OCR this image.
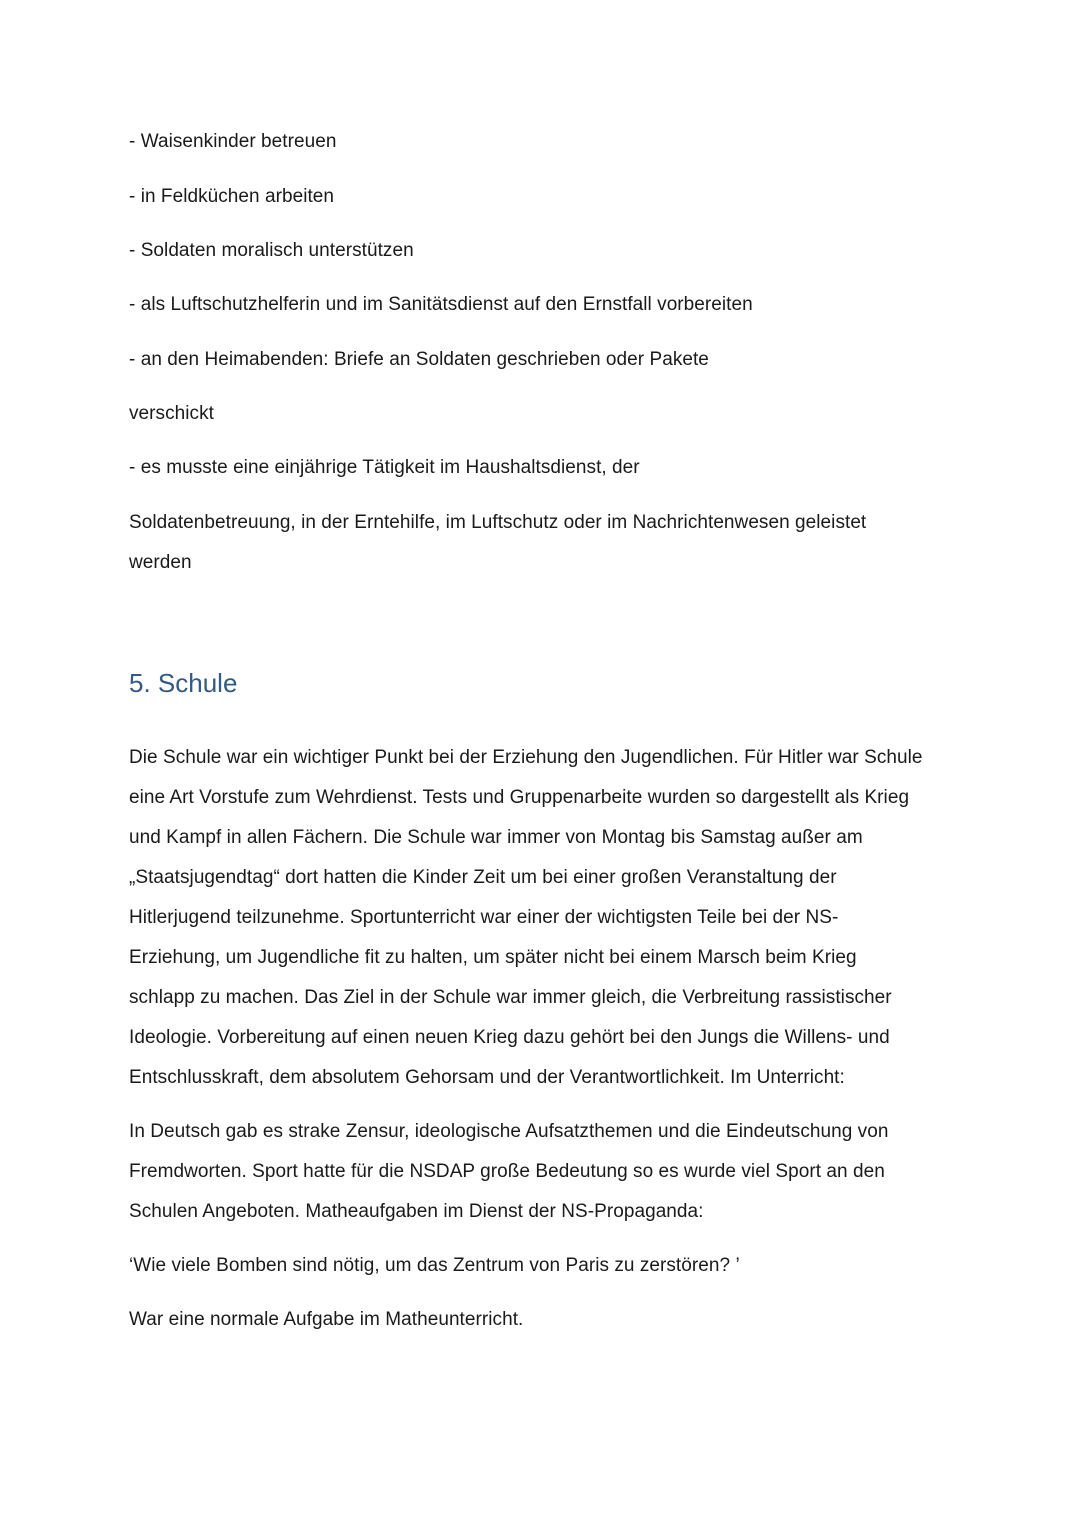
- Waisenkinder betreuen
- in Feldküchen arbeiten
- Soldaten moralisch unterstützen
- als Luftschutzhelferin und im Sanitätsdienst auf den Ernstfall vorbereiten
- an den Heimabenden: Briefe an Soldaten geschrieben oder Pakete
verschickt
- es musste eine einjährige Tätigkeit im Haushaltsdienst, der
Soldatenbetreuung, in der Erntehilfe, im Luftschutz oder im Nachrichtenwesen geleistet
werden
5. Schule
Die Schule war ein wichtiger Punkt bei der Erziehung den Jugendlichen. Für Hitler war Schule
eine Art Vorstufe zum Wehrdienst. Tests und Gruppenarbeite wurden so dargestellt als Krieg
und Kampf in allen Fächern. Die Schule war immer von Montag bis Samstag außer am
„Staatsjugendtag“ dort hatten die Kinder Zeit um bei einer großen Veranstaltung der
Hitlerjugend teilzunehme. Sportunterricht war einer der wichtigsten Teile bei der NS-
Erziehung, um Jugendliche fit zu halten, um später nicht bei einem Marsch beim Krieg
schlapp zu machen. Das Ziel in der Schule war immer gleich, die Verbreitung rassistischer
Ideologie. Vorbereitung auf einen neuen Krieg dazu gehört bei den Jungs die Willens- und
Entschlusskraft, dem absolutem Gehorsam und der Verantwortlichkeit. Im Unterricht:
In Deutsch gab es strake Zensur, ideologische Aufsatzthemen und die Eindeutschung von
Fremdworten. Sport hatte für die NSDAP große Bedeutung so es wurde viel Sport an den
Schulen Angeboten. Matheaufgaben im Dienst der NS-Propaganda:
‘Wie viele Bomben sind nötig, um das Zentrum von Paris zu zerstören? ’
War eine normale Aufgabe im Matheunterricht.
